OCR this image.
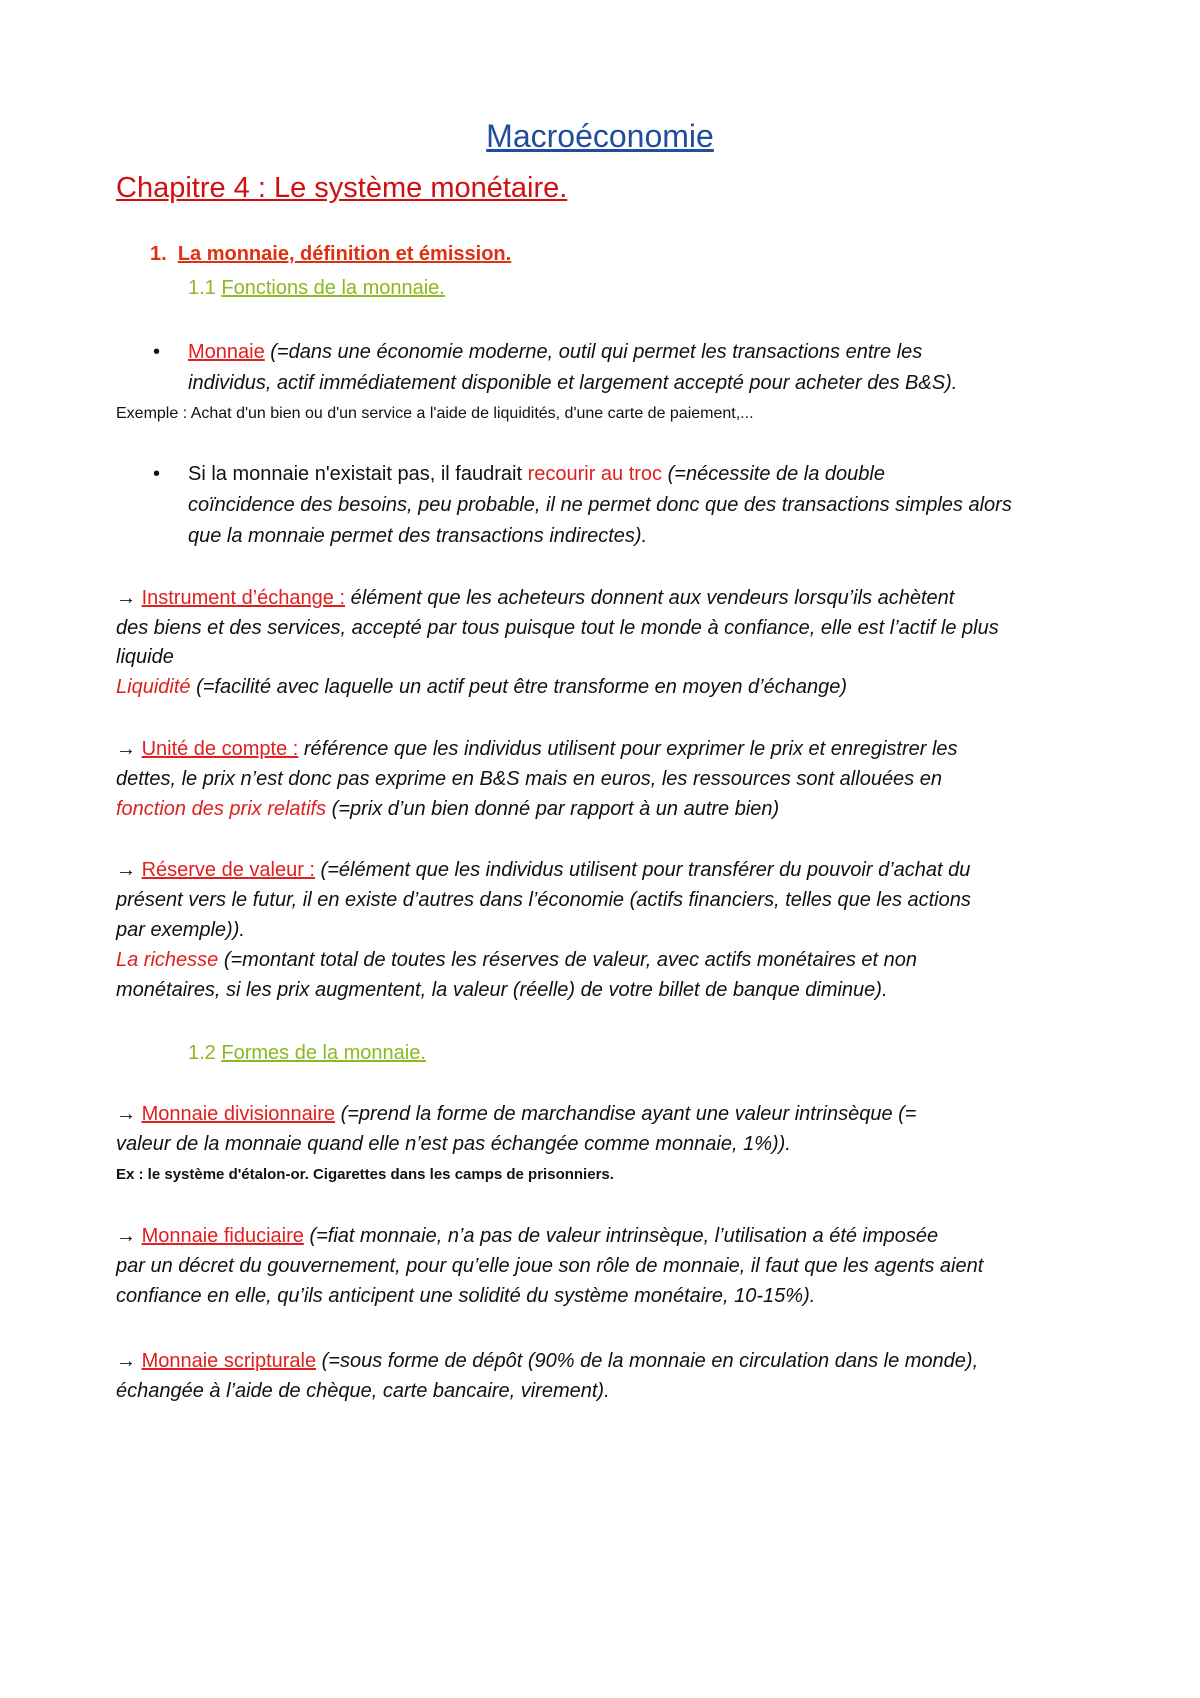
Macroéconomie
Chapitre 4 : Le système monétaire.
1. La monnaie, définition et émission.
1.1 Fonctions de la monnaie.
• Monnaie (=dans une économie moderne, outil qui permet les transactions entre les
individus, actif immédiatement disponible et largement accepté pour acheter des B&S).
Exemple : Achat d'un bien ou d'un service a l'aide de liquidités, d'une carte de paiement,...
• Si la monnaie n'existait pas, il faudrait recourir au troc (=nécessite de la double
coïncidence des besoins, peu probable, il ne permet donc que des transactions simples alors
que la monnaie permet des transactions indirectes).
→ Instrument d’échange : élément que les acheteurs donnent aux vendeurs lorsqu’ils achètent
des biens et des services, accepté par tous puisque tout le monde à confiance, elle est l’actif le plus
liquide
Liquidité (=facilité avec laquelle un actif peut être transforme en moyen d’échange)
→ Unité de compte : référence que les individus utilisent pour exprimer le prix et enregistrer les
dettes, le prix n’est donc pas exprime en B&S mais en euros, les ressources sont allouées en
fonction des prix relatifs (=prix d’un bien donné par rapport à un autre bien)
→ Réserve de valeur : (=élément que les individus utilisent pour transférer du pouvoir d’achat du
présent vers le futur, il en existe d’autres dans l’économie (actifs financiers, telles que les actions
par exemple)).
La richesse (=montant total de toutes les réserves de valeur, avec actifs monétaires et non
monétaires, si les prix augmentent, la valeur (réelle) de votre billet de banque diminue).
1.2 Formes de la monnaie.
→ Monnaie divisionnaire (=prend la forme de marchandise ayant une valeur intrinsèque (=
valeur de la monnaie quand elle n’est pas échangée comme monnaie, 1%)).
Ex : le système d'étalon-or. Cigarettes dans les camps de prisonniers.
→ Monnaie fiduciaire (=fiat monnaie, n’a pas de valeur intrinsèque, l’utilisation a été imposée
par un décret du gouvernement, pour qu’elle joue son rôle de monnaie, il faut que les agents aient
confiance en elle, qu’ils anticipent une solidité du système monétaire, 10-15%).
→ Monnaie scripturale (=sous forme de dépôt (90% de la monnaie en circulation dans le monde),
échangée à l’aide de chèque, carte bancaire, virement).
